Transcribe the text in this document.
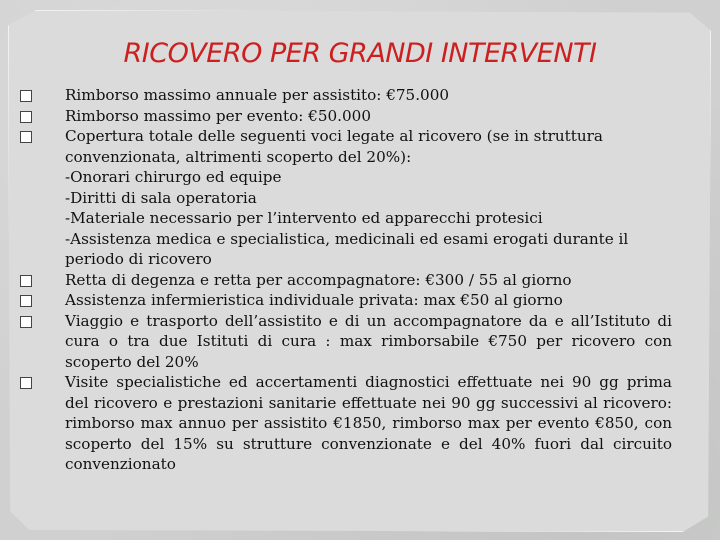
RICOVERO PER GRANDI INTERVENTI
Rimborso massimo annuale per assistito: €75.000
Rimborso massimo per evento: €50.000
Copertura totale delle seguenti voci legate al ricovero (se in struttura convenzionata, altrimenti scoperto del 20%):
-Onorari chirurgo ed equipe
-Diritti di sala operatoria
-Materiale necessario per l’intervento ed apparecchi protesici
-Assistenza medica e specialistica, medicinali ed esami erogati durante il periodo di ricovero
Retta di degenza e retta per accompagnatore: €300 / 55 al giorno
Assistenza infermieristica individuale privata: max €50 al giorno
Viaggio e trasporto dell’assistito e di un accompagnatore da e all’Istituto di cura o tra due Istituti di cura : max rimborsabile €750 per ricovero con scoperto del 20%
Visite specialistiche ed accertamenti diagnostici effettuate nei 90 gg prima del ricovero e prestazioni sanitarie effettuate nei 90 gg successivi al ricovero: rimborso max annuo per assistito €1850, rimborso max per evento €850, con scoperto del 15% su strutture convenzionate e del 40% fuori dal circuito convenzionato
